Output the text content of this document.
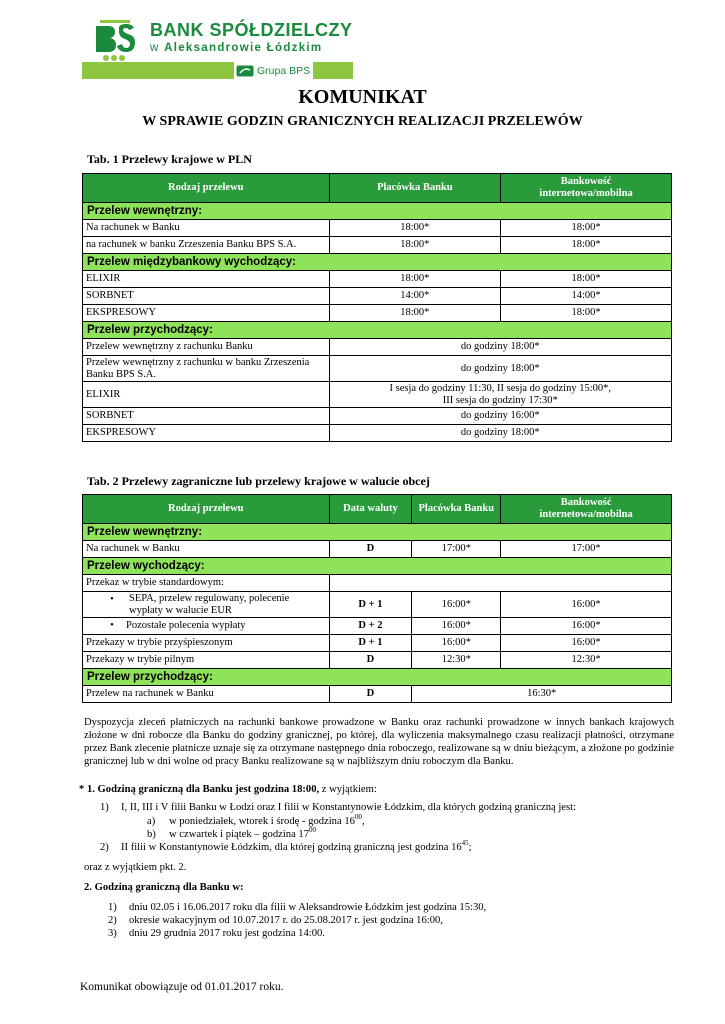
BANK SPÓŁDZIELCZY
w Aleksandrowie Łódzkim
Grupa BPS
KOMUNIKAT
W SPRAWIE GODZIN GRANICZNYCH REALIZACJI PRZELEWÓW
Tab. 1 Przelewy krajowe w PLN
Rodzaj przelewu	Placówka Banku	Bankowość
internetowa/mobilna
Przelew wewnętrzny:		
Na rachunek w Banku	18:00*	18:00*
na rachunek w banku Zrzeszenia Banku BPS S.A.	18:00*	18:00*
Przelew międzybankowy wychodzący:		
ELIXIR	18:00*	18:00*
SORBNET	14:00*	14:00*
EKSPRESOWY	18:00*	18:00*
Przelew przychodzący:		
Przelew wewnętrzny z rachunku Banku	do godziny 18:00*	
Przelew wewnętrzny z rachunku w banku Zrzeszenia
Banku BPS S.A.	do godziny 18:00*	
ELIXIR	I sesja do godziny 11:30, II sesja do godziny 15:00*,
III sesja do godziny 17:30*	
SORBNET	do godziny 16:00*	
EKSPRESOWY	do godziny 18:00*	
Tab. 2 Przelewy zagraniczne lub przelewy krajowe w walucie obcej
Rodzaj przelewu	Data waluty	Placówka Banku	Bankowość
internetowa/mobilna
Przelew wewnętrzny:			
Na rachunek w Banku	D	17:00*	17:00*
Przelew wychodzący:			
Przekaz w trybie standardowym:			

• SEPA, przelew regulowany, polecenie
wypłaty w walucie EUR	D + 1	16:00*	16:00*
• Pozostałe polecenia wypłaty	D + 2	16:00*	16:00*
Przekazy w trybie przyśpieszonym	D + 1	16:00*	16:00*
Przekazy w trybie pilnym	D	12:30*	12:30*
Przelew przychodzący:			
Przelew na rachunek w Banku	D	16:30*	
Dyspozycja zleceń płatniczych na rachunki bankowe prowadzone w Banku oraz rachunki prowadzone w innych bankach krajowych złożone w dni robocze dla Banku do godziny granicznej, po której, dla wyliczenia maksymalnego czasu realizacji płatności, otrzymane przez Bank zlecenie płatnicze uznaje się za otrzymane następnego dnia roboczego, realizowane są w dniu bieżącym, a złożone po godzinie granicznej lub w dni wolne od pracy Banku realizowane są w najbliższym dniu roboczym dla Banku.
* 1. Godziną graniczną dla Banku jest godzina 18:00, z wyjątkiem:
1) I, II, III i V filii Banku w Łodzi oraz I filii w Konstantynowie Łódzkim, dla których godziną graniczną jest:
a) w poniedziałek, wtorek i środę - godzina $16^{00}$,
b) w czwartek i piątek – godzina $17^{00}$
2) II filii w Konstantynowie Łódzkim, dla której godziną graniczną jest godzina $16^{45}$;
oraz z wyjątkiem pkt. 2.
2. Godziną graniczną dla Banku w:
1) dniu 02.05 i 16.06.2017 roku dla filii w Aleksandrowie Łódzkim jest godzina 15:30,
2) okresie wakacyjnym od 10.07.2017 r. do 25.08.2017 r. jest godzina 16:00,
3) dniu 29 grudnia 2017 roku jest godzina 14:00.
Komunikat obowiązuje od 01.01.2017 roku.
